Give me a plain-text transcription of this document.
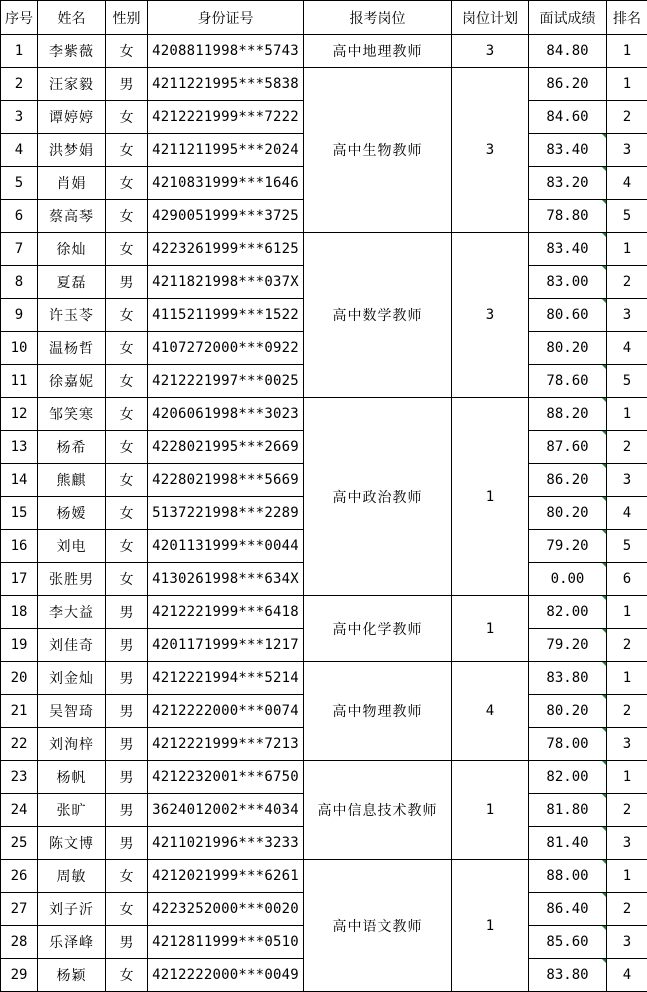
序号	姓名	性别	身份证号	报考岗位	岗位计划	面试成绩	排名
1	李紫薇	女	4208811998***5743	高中地理教师	3	84.80	1
2	汪家毅	男	4211221995***5838	高中生物教师	3	86.20	1
3	谭婷婷	女	4212221999***7222			84.60	2
4	洪梦娟	女	4211211995***2024			83.40	3
5	肖娟	女	4210831999***1646			83.20	4
6	蔡高琴	女	4290051999***3725			78.80	5
7	徐灿	女	4223261999***6125	高中数学教师	3	83.40	1
8	夏磊	男	4211821998***037X			83.00	2
9	许玉苓	女	4115211999***1522			80.60	3
10	温杨哲	女	4107272000***0922			80.20	4
11	徐嘉妮	女	4212221997***0025			78.60	5
12	邹笑寒	女	4206061998***3023	高中政治教师	1	88.20	1
13	杨希	女	4228021995***2669			87.60	2
14	熊麒	女	4228021998***5669			86.20	3
15	杨嫒	女	5137221998***2289			80.20	4
16	刘电	女	4201131999***0044			79.20	5
17	张胜男	女	4130261998***634X			0.00	6
18	李大益	男	4212221999***6418	高中化学教师	1	82.00	1
19	刘佳奇	男	4201171999***1217			79.20	2
20	刘金灿	男	4212221994***5214	高中物理教师	4	83.80	1
21	吴智琦	男	4212222000***0074			80.20	2
22	刘洵梓	男	4212221999***7213			78.00	3
23	杨帆	男	4212232001***6750	高中信息技术教师	1	82.00	1
24	张旷	男	3624012002***4034			81.80	2
25	陈文博	男	4211021996***3233			81.40	3
26	周敏	女	4212021999***6261	高中语文教师	1	88.00	1
27	刘子沂	女	4223252000***0020			86.40	2
28	乐泽峰	男	4212811999***0510			85.60	3
29	杨颖	女	4212222000***0049			83.80	4
